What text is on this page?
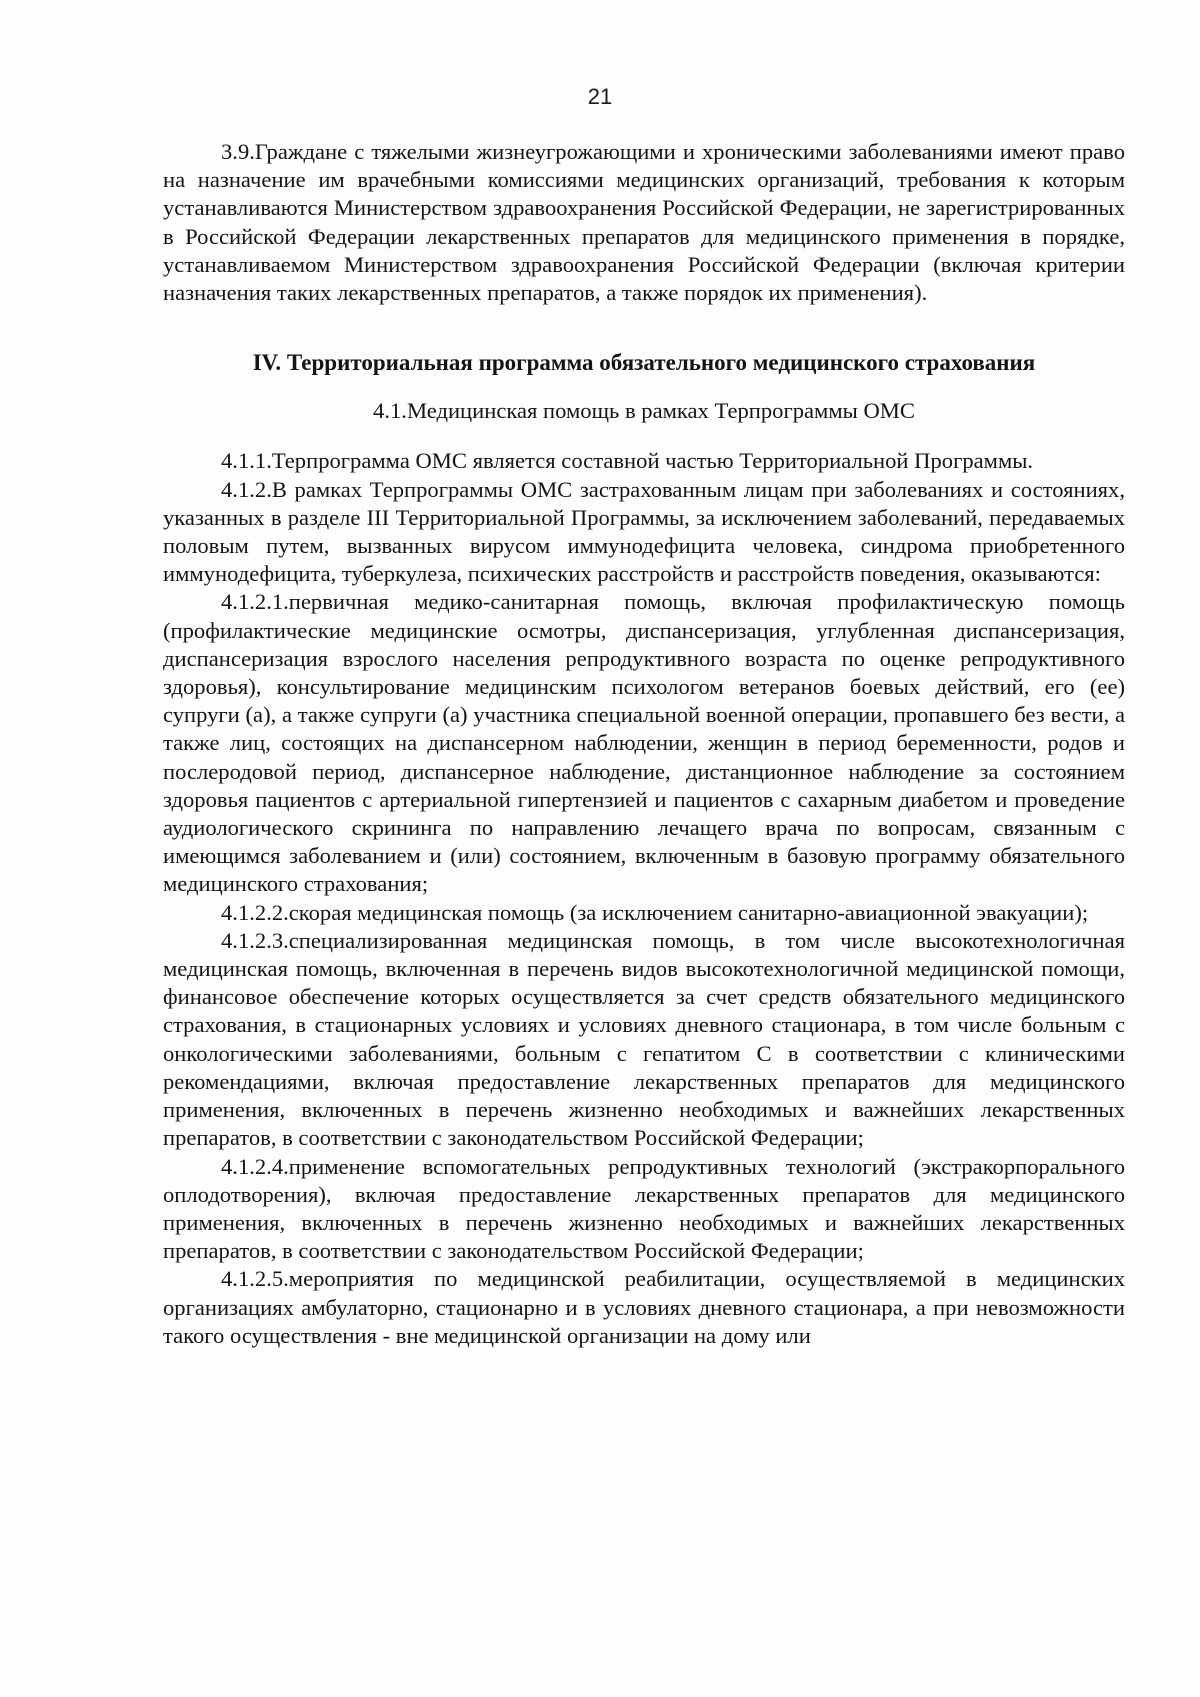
21

3.9.Граждане с тяжелыми жизнеугрожающими и хроническими заболеваниями имеют право на назначение им врачебными комиссиями медицинских организаций, требования к которым устанавливаются Министерством здравоохранения Российской Федерации, не зарегистрированных в Российской Федерации лекарственных препаратов для медицинского применения в порядке, устанавливаемом Министерством здравоохранения Российской Федерации (включая критерии назначения таких лекарственных препаратов, а также порядок их применения).

IV. Территориальная программа обязательного медицинского страхования

4.1.Медицинская помощь в рамках Терпрограммы ОМС

4.1.1.Терпрограмма ОМС является составной частью Территориальной Программы.

4.1.2.В рамках Терпрограммы ОМС застрахованным лицам при заболеваниях и состояниях, указанных в разделе III Территориальной Программы, за исключением заболеваний, передаваемых половым путем, вызванных вирусом иммунодефицита человека, синдрома приобретенного иммунодефицита, туберкулеза, психических расстройств и расстройств поведения, оказываются:

4.1.2.1.первичная медико-санитарная помощь, включая профилактическую помощь (профилактические медицинские осмотры, диспансеризация, углубленная диспансеризация, диспансеризация взрослого населения репродуктивного возраста по оценке репродуктивного здоровья), консультирование медицинским психологом ветеранов боевых действий, его (ее) супруги (а), а также супруги (а) участника специальной военной операции, пропавшего без вести, а также лиц, состоящих на диспансерном наблюдении, женщин в период беременности, родов и послеродовой период, диспансерное наблюдение, дистанционное наблюдение за состоянием здоровья пациентов с артериальной гипертензией и пациентов с сахарным диабетом и проведение аудиологического скрининга по направлению лечащего врача по вопросам, связанным с имеющимся заболеванием и (или) состоянием, включенным в базовую программу обязательного медицинского страхования;

4.1.2.2.скорая медицинская помощь (за исключением санитарно-авиационной эвакуации);

4.1.2.3.специализированная медицинская помощь, в том числе высокотехнологичная медицинская помощь, включенная в перечень видов высокотехнологичной медицинской помощи, финансовое обеспечение которых осуществляется за счет средств обязательного медицинского страхования, в стационарных условиях и условиях дневного стационара, в том числе больным с онкологическими заболеваниями, больным с гепатитом С в соответствии с клиническими рекомендациями, включая предоставление лекарственных препаратов для медицинского применения, включенных в перечень жизненно необходимых и важнейших лекарственных препаратов, в соответствии с законодательством Российской Федерации;

4.1.2.4.применение вспомогательных репродуктивных технологий (экстракорпорального оплодотворения), включая предоставление лекарственных препаратов для медицинского применения, включенных в перечень жизненно необходимых и важнейших лекарственных препаратов, в соответствии с законодательством Российской Федерации;

4.1.2.5.мероприятия по медицинской реабилитации, осуществляемой в медицинских организациях амбулаторно, стационарно и в условиях дневного стационара, а при невозможности такого осуществления - вне медицинской организации на дому или
